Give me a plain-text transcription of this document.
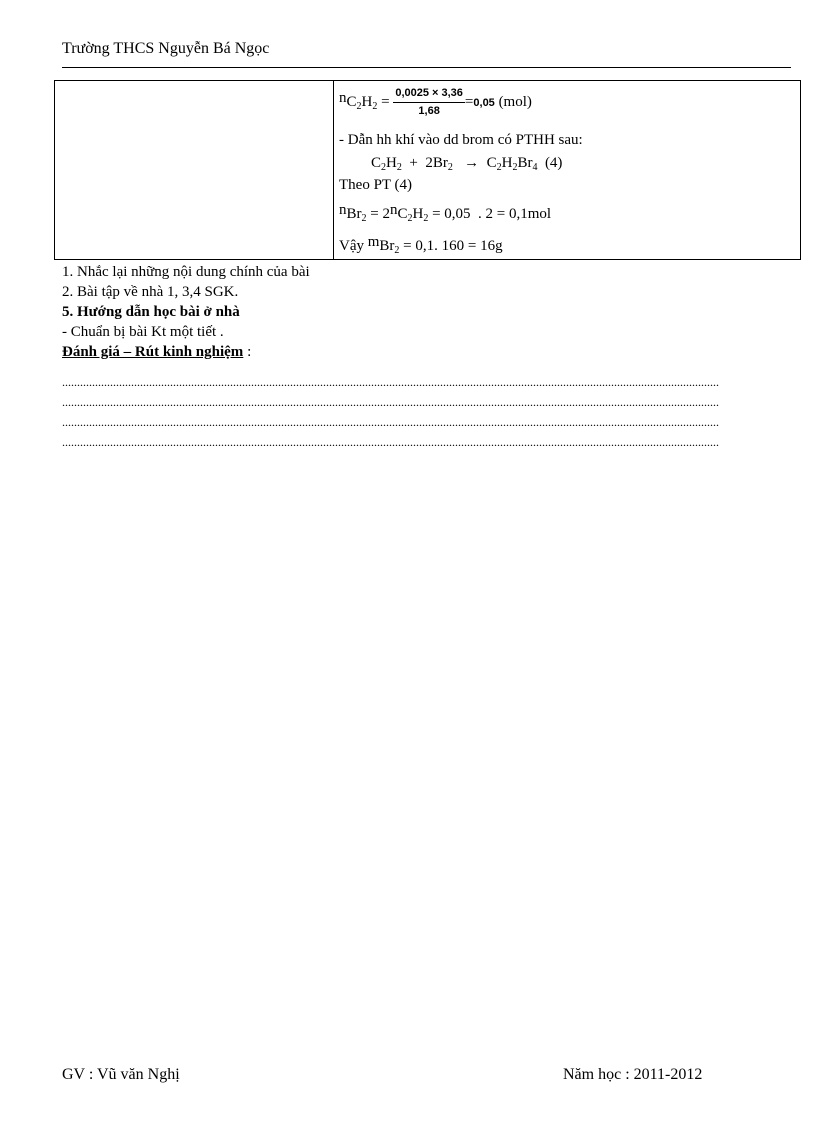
Trường THCS Nguyễn Bá Ngọc
$nC_2H_2 = \frac{0,0025 \times 3,36}{1,68} =0,05$ (mol)
- Dẫn hh khí vào dd brom có PTHH sau:
$C_2H_2 + 2Br_2 \to C_2H_2Br_4$  (4)
Theo PT (4)
$nBr_2 = 2nC_2H_2 = 0,05$  . 2 = 0,1mol
Vậy mBr$_2$ = 0,1. 160 = 16g
1. Nhắc lại những nội dung chính của bài
2. Bài tập về nhà 1, 3,4 SGK.
5. Hướng dẫn học bài ở nhà
- Chuẩn bị bài Kt một tiết .
Đánh giá – Rút kinh nghiệm :
...........................................................................................................................................................................................................................
...........................................................................................................................................................................................................................
...........................................................................................................................................................................................................................
...........................................................................................................................................................................................................................
GV : Vũ văn Nghị	Năm học : 2011-2012
